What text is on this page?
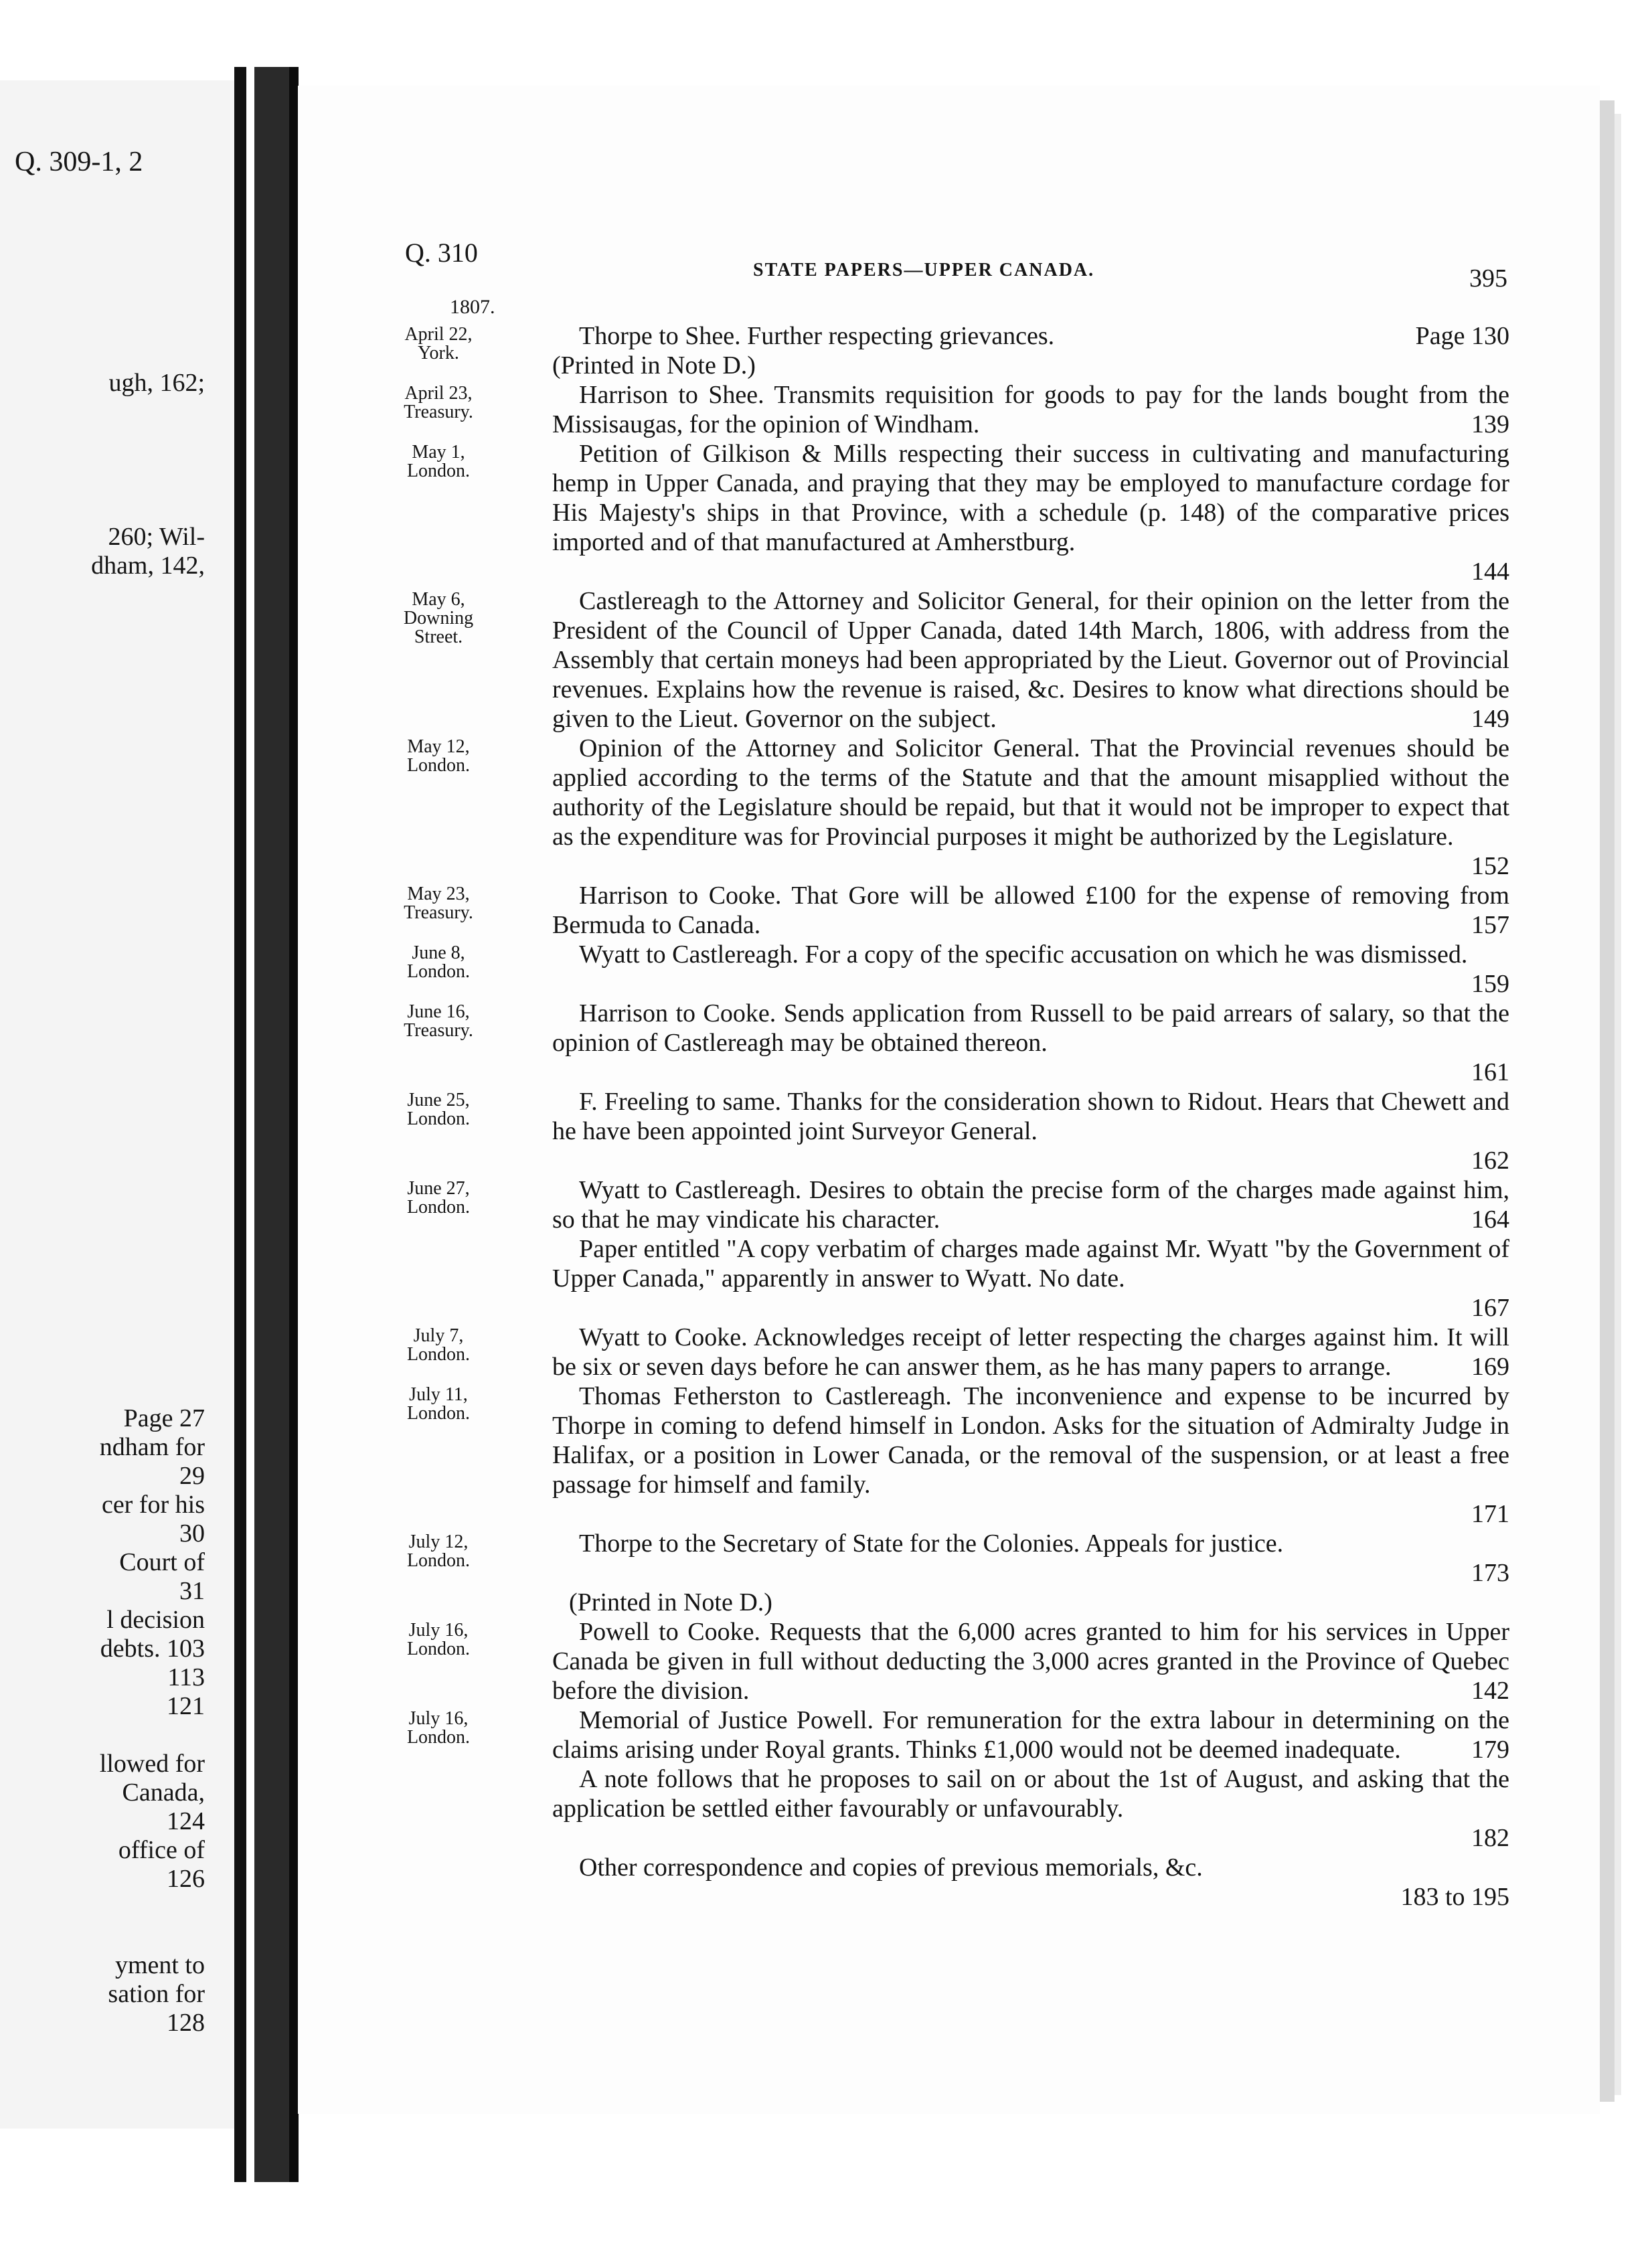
ugh, 162;
260; Wil-
dham, 142,
Page 27
ndham for
29
cer for his
30
Court of
31
l decision
debts. 103
113
121
llowed for
Canada,
124
office of
126
yment to
sation for
128
Q. 309-1, 2
Q. 310
STATE PAPERS—UPPER CANADA.	395
1807.
April 22,
York.

Thorpe to Shee. Further respecting grievances.	Page 130

(Printed in Note D.)

April 23,
Treasury.

Harrison to Shee. Transmits requisition for goods to pay for the lands bought from the Missisaugas, for the opinion of Windham.	139

May 1,
London.

Petition of Gilkison & Mills respecting their success in cultivating and manufacturing hemp in Upper Canada, and praying that they may be employed to manufacture cordage for His Majesty's ships in that Province, with a schedule (p. 148) of the comparative prices imported and of that manufactured at Amherstburg.
144

May 6,
Downing
Street.

Castlereagh to the Attorney and Solicitor General, for their opinion on the letter from the President of the Council of Upper Canada, dated 14th March, 1806, with address from the Assembly that certain moneys had been appropriated by the Lieut. Governor out of Provincial revenues. Explains how the revenue is raised, &c. Desires to know what directions should be given to the Lieut. Governor on the subject.	149

May 12,
London.

Opinion of the Attorney and Solicitor General. That the Provincial revenues should be applied according to the terms of the Statute and that the amount misapplied without the authority of the Legislature should be repaid, but that it would not be improper to expect that as the expenditure was for Provincial purposes it might be authorized by the Legislature.
152

May 23,
Treasury.

Harrison to Cooke. That Gore will be allowed £100 for the expense of removing from Bermuda to Canada.	157

June 8,
London.

Wyatt to Castlereagh. For a copy of the specific accusation on which he was dismissed.
159

June 16,
Treasury.

Harrison to Cooke. Sends application from Russell to be paid arrears of salary, so that the opinion of Castlereagh may be obtained thereon.
161

June 25,
London.

F. Freeling to same. Thanks for the consideration shown to Ridout. Hears that Chewett and he have been appointed joint Surveyor General.
162

June 27,
London.

Wyatt to Castlereagh. Desires to obtain the precise form of the charges made against him, so that he may vindicate his character.	164

Paper entitled "A copy verbatim of charges made against Mr. Wyatt "by the Government of Upper Canada," apparently in answer to Wyatt. No date.
167

July 7,
London.

Wyatt to Cooke. Acknowledges receipt of letter respecting the charges against him. It will be six or seven days before he can answer them, as he has many papers to arrange.	169

July 11,
London.

Thomas Fetherston to Castlereagh. The inconvenience and expense to be incurred by Thorpe in coming to defend himself in London. Asks for the situation of Admiralty Judge in Halifax, or a position in Lower Canada, or the removal of the suspension, or at least a free passage for himself and family.
171

July 12,
London.

Thorpe to the Secretary of State for the Colonies. Appeals for justice.
173

(Printed in Note D.)

July 16,
London.

Powell to Cooke. Requests that the 6,000 acres granted to him for his services in Upper Canada be given in full without deducting the 3,000 acres granted in the Province of Quebec before the division.	142

July 16,
London.

Memorial of Justice Powell. For remuneration for the extra labour in determining on the claims arising under Royal grants. Thinks £1,000 would not be deemed inadequate.	179

A note follows that he proposes to sail on or about the 1st of August, and asking that the application be settled either favourably or unfavourably.
182

Other correspondence and copies of previous memorials, &c.
183 to 195
